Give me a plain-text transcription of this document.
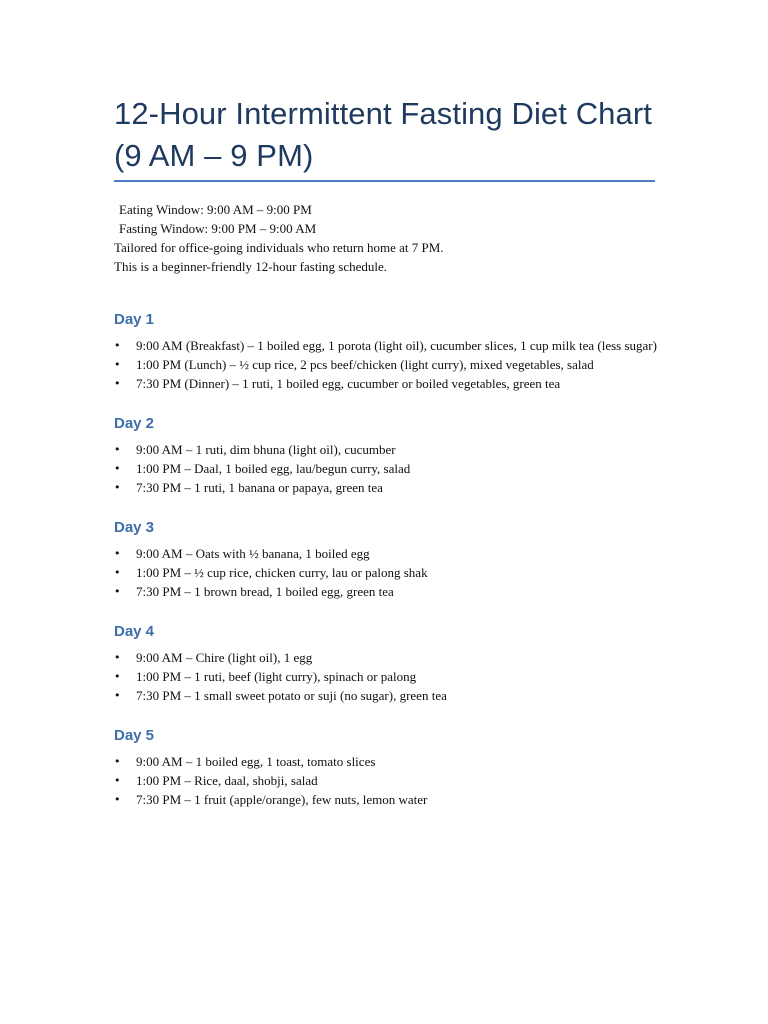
12-Hour Intermittent Fasting Diet Chart
(9 AM – 9 PM)
Eating Window: 9:00 AM – 9:00 PM
Fasting Window: 9:00 PM – 9:00 AM
Tailored for office-going individuals who return home at 7 PM.
This is a beginner-friendly 12-hour fasting schedule.
Day 1
• 9:00 AM (Breakfast) – 1 boiled egg, 1 porota (light oil), cucumber slices, 1 cup milk tea (less sugar)
• 1:00 PM (Lunch) – ½ cup rice, 2 pcs beef/chicken (light curry), mixed vegetables, salad
• 7:30 PM (Dinner) – 1 ruti, 1 boiled egg, cucumber or boiled vegetables, green tea
Day 2
• 9:00 AM – 1 ruti, dim bhuna (light oil), cucumber
• 1:00 PM – Daal, 1 boiled egg, lau/begun curry, salad
• 7:30 PM – 1 ruti, 1 banana or papaya, green tea
Day 3
• 9:00 AM – Oats with ½ banana, 1 boiled egg
• 1:00 PM – ½ cup rice, chicken curry, lau or palong shak
• 7:30 PM – 1 brown bread, 1 boiled egg, green tea
Day 4
• 9:00 AM – Chire (light oil), 1 egg
• 1:00 PM – 1 ruti, beef (light curry), spinach or palong
• 7:30 PM – 1 small sweet potato or suji (no sugar), green tea
Day 5
• 9:00 AM – 1 boiled egg, 1 toast, tomato slices
• 1:00 PM – Rice, daal, shobji, salad
• 7:30 PM – 1 fruit (apple/orange), few nuts, lemon water
